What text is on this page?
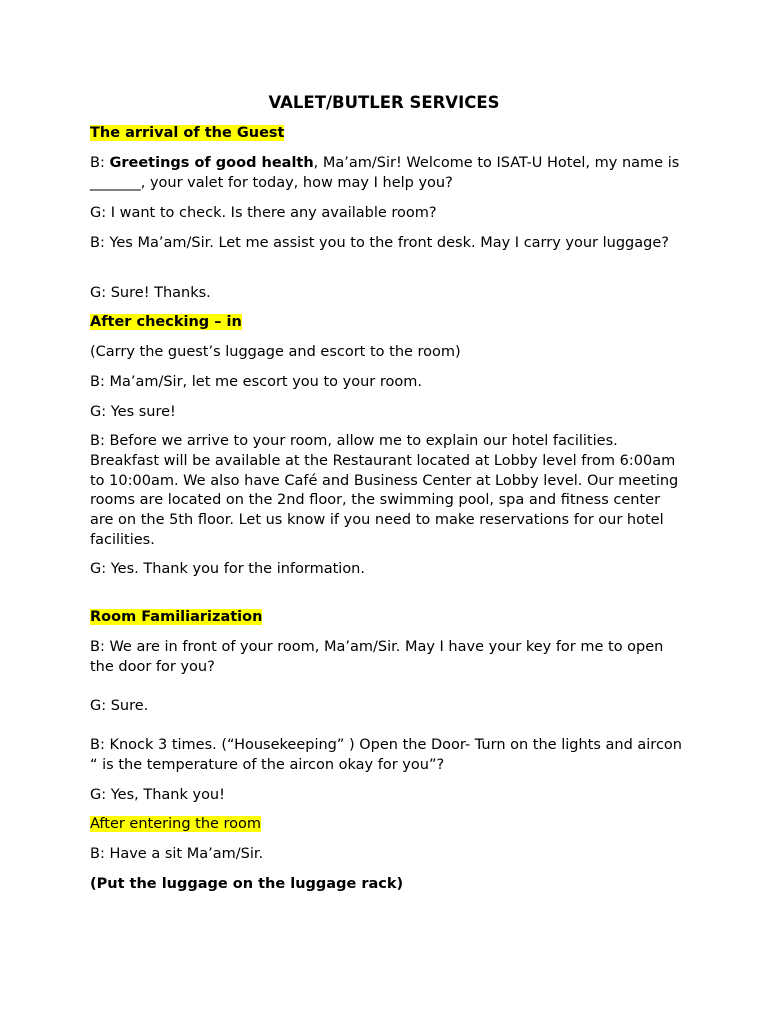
VALET/BUTLER SERVICES

The arrival of the Guest

B: Greetings of good health, Ma’am/Sir! Welcome to ISAT-U Hotel, my name is _______, your valet for today, how may I help you?

G: I want to check. Is there any available room?

B: Yes Ma’am/Sir. Let me assist you to the front desk. May I carry your luggage?

G: Sure! Thanks.

After checking – in

(Carry the guest’s luggage and escort to the room)

B: Ma’am/Sir, let me escort you to your room.

G: Yes sure!

B: Before we arrive to your room, allow me to explain our hotel facilities. Breakfast will be available at the Restaurant located at Lobby level from 6:00am to 10:00am. We also have Café and Business Center at Lobby level. Our meeting rooms are located on the 2nd floor, the swimming pool, spa and fitness center are on the 5th floor. Let us know if you need to make reservations for our hotel facilities.

G: Yes. Thank you for the information.

Room Familiarization

B: We are in front of your room, Ma’am/Sir. May I have your key for me to open the door for you?

G: Sure.

B: Knock 3 times. (“Housekeeping” ) Open the Door- Turn on the lights and aircon “ is the temperature of the aircon okay for you”?

G: Yes, Thank you!

After entering the room

B: Have a sit Ma’am/Sir.

(Put the luggage on the luggage rack)
